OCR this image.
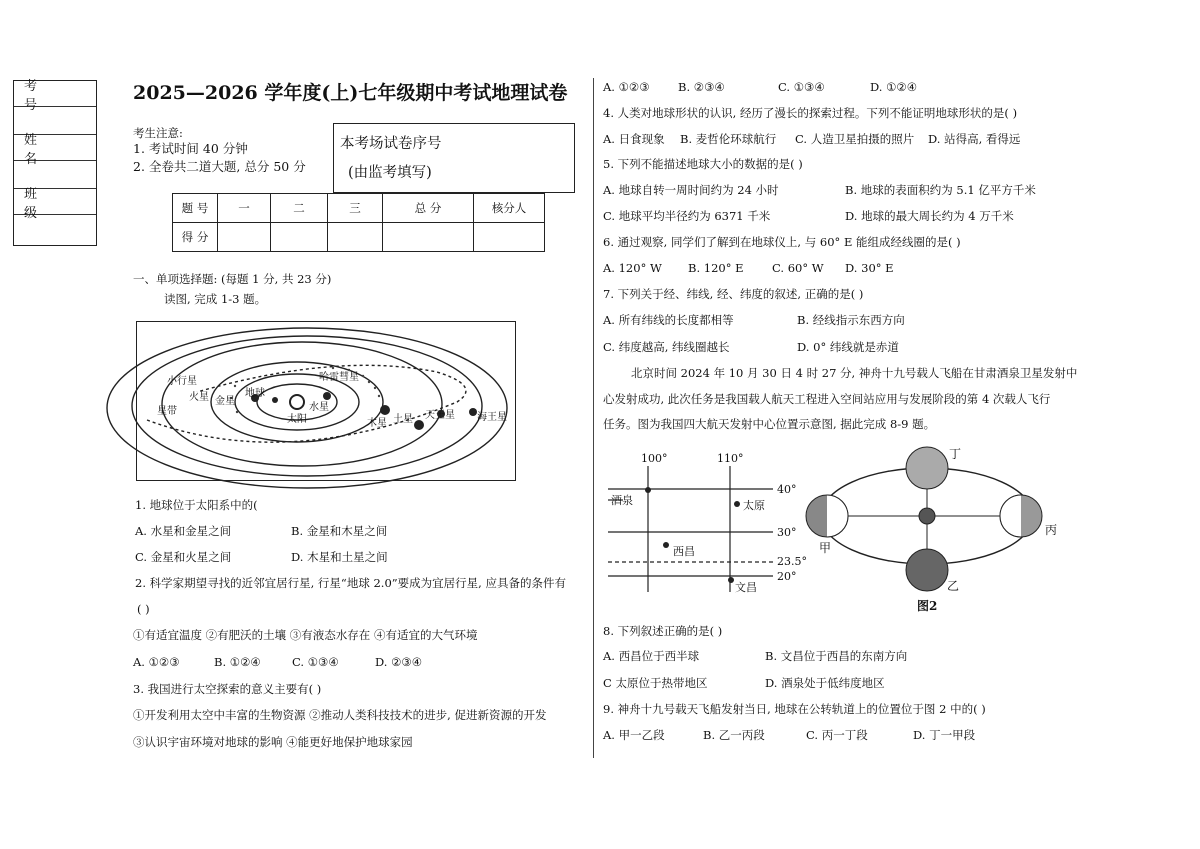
考 号
姓 名
班 级
2025—2026 学年度(上)七年级期中考试地理试卷
考生注意:
1. 考试时间 40 分钟
2. 全卷共二道大题, 总分 50 分
本考场试卷序号
(由监考填写)
题 号	一	二	三	总 分	核分人
得 分					
一、单项选择题: (每题 1 分, 共 23 分)
读图, 完成 1-3 题。
小行星
星带
金星
地球
火星
太阳
水星
哈雷彗星
木星 土星 天王星 海王星
1. 地球位于太阳系中的(
A. 水星和金星之间	B. 金星和木星之间
C. 金星和火星之间	D. 木星和土星之间
2. 科学家期望寻找的近邻宜居行星, 行星“地球 2.0”要成为宜居行星, 应具备的条件有
( )
①有适宜温度 ②有肥沃的土壤 ③有液态水存在 ④有适宜的大气环境
A. ①②③	B. ①②④	C. ①③④	D. ②③④
3. 我国进行太空探索的意义主要有( )
①开发利用太空中丰富的生物资源 ②推动人类科技技术的进步, 促进新资源的开发
③认识宇宙环境对地球的影响 ④能更好地保护地球家园
A. ①②③ B. ②③④	C. ①③④	D. ①②④
4. 人类对地球形状的认识, 经历了漫长的探索过程。下列不能证明地球形状的是( )
A. 日食现象 B. 麦哲伦环球航行 C. 人造卫星拍摄的照片 D. 站得高, 看得远
5. 下列不能描述地球大小的数据的是( )
A. 地球自转一周时间约为 24 小时	B. 地球的表面积约为 5.1 亿平方千米
C. 地球平均半径约为 6371 千米	D. 地球的最大周长约为 4 万千米
6. 通过观察, 同学们了解到在地球仪上, 与 60° E 能组成经线圈的是( )
A. 120° W B. 120° E C. 60° W D. 30° E
7. 下列关于经、纬线, 经、纬度的叙述, 正确的是( )
A. 所有纬线的长度都相等	B. 经线指示东西方向
C. 纬度越高, 纬线圈越长	D. 0° 纬线就是赤道
北京时间 2024 年 10 月 30 日 4 时 27 分, 神舟十九号载人飞船在甘肃酒泉卫星发射中
心发射成功, 此次任务是我国载人航天工程进入空间站应用与发展阶段的第 4 次载人飞行
任务。图为我国四大航天发射中心位置示意图, 据此完成 8-9 题。
100°	110°
40°
30°
23.5°
20°
酒泉	太原
西昌
文昌
丁
甲
丙
乙
图2
8. 下列叙述正确的是( )
A. 西昌位于西半球	B. 文昌位于西昌的东南方向
C 太原位于热带地区	D. 酒泉处于低纬度地区
9. 神舟十九号载天飞船发射当日, 地球在公转轨道上的位置位于图 2 中的( )
A. 甲一乙段	B. 乙一丙段	C. 丙一丁段	D. 丁一甲段
